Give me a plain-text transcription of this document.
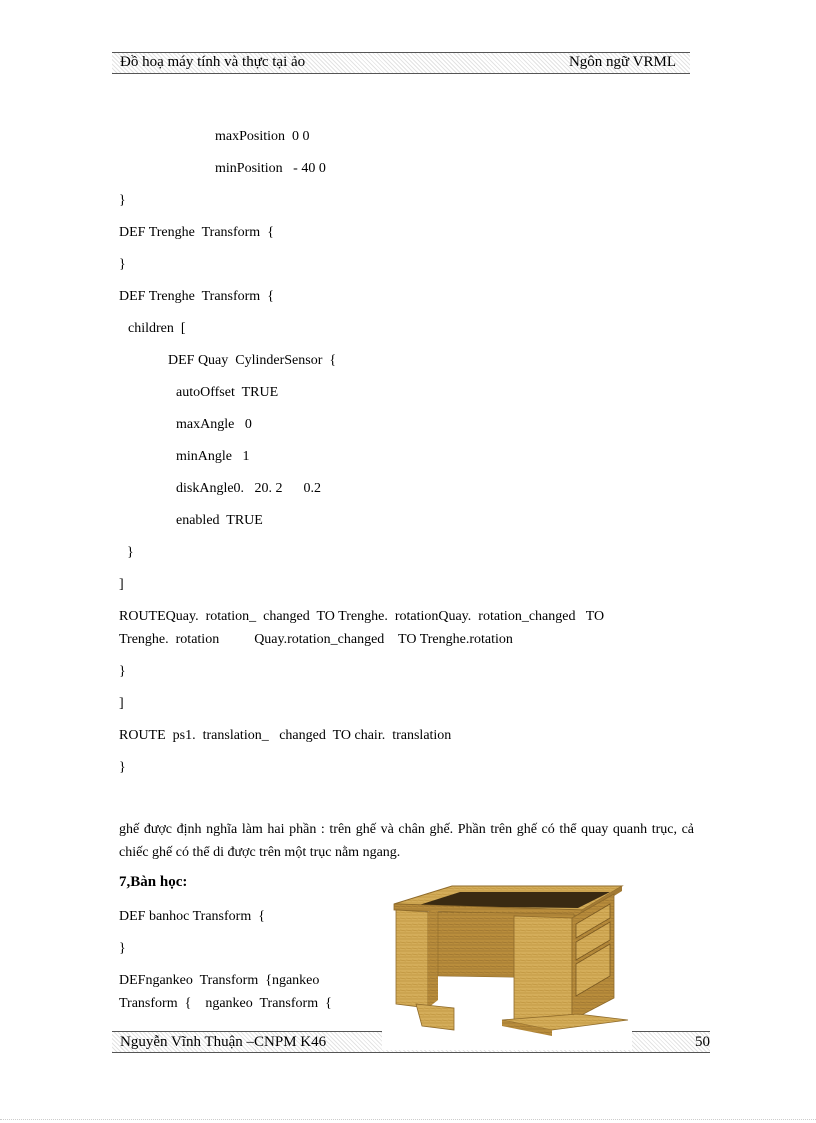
Đồ hoạ máy tính và thực tại ảo	Ngôn ngữ VRML
maxPosition  0 0
minPosition   - 40 0
}
DEF Trenghe  Transform  {
}
DEF Trenghe  Transform  {
children  [
DEF Quay  CylinderSensor  {
autoOffset  TRUE
maxAngle   0
minAngle   1
diskAngle0.   20. 2      0.2
enabled  TRUE
}
]
ROUTEQuay.  rotation_  changed  TO Trenghe.  rotationQuay.  rotation_changed   TO
Trenghe.  rotation          Quay.rotation_changed    TO Trenghe.rotation
}
]
ROUTE  ps1.  translation_   changed  TO chair.  translation
}
ghế được định nghĩa làm hai phần : trên ghế và chân ghế. Phần trên ghế có thể quay quanh trục, cả chiếc ghế có thể di được trên một trục nằm ngang.
7,Bàn học:
DEF banhoc Transform  {
}
DEFngankeo  Transform  {ngankeo
Transform  {    ngankeo  Transform  {
Nguyễn Vĩnh Thuận –CNPM K46	50
